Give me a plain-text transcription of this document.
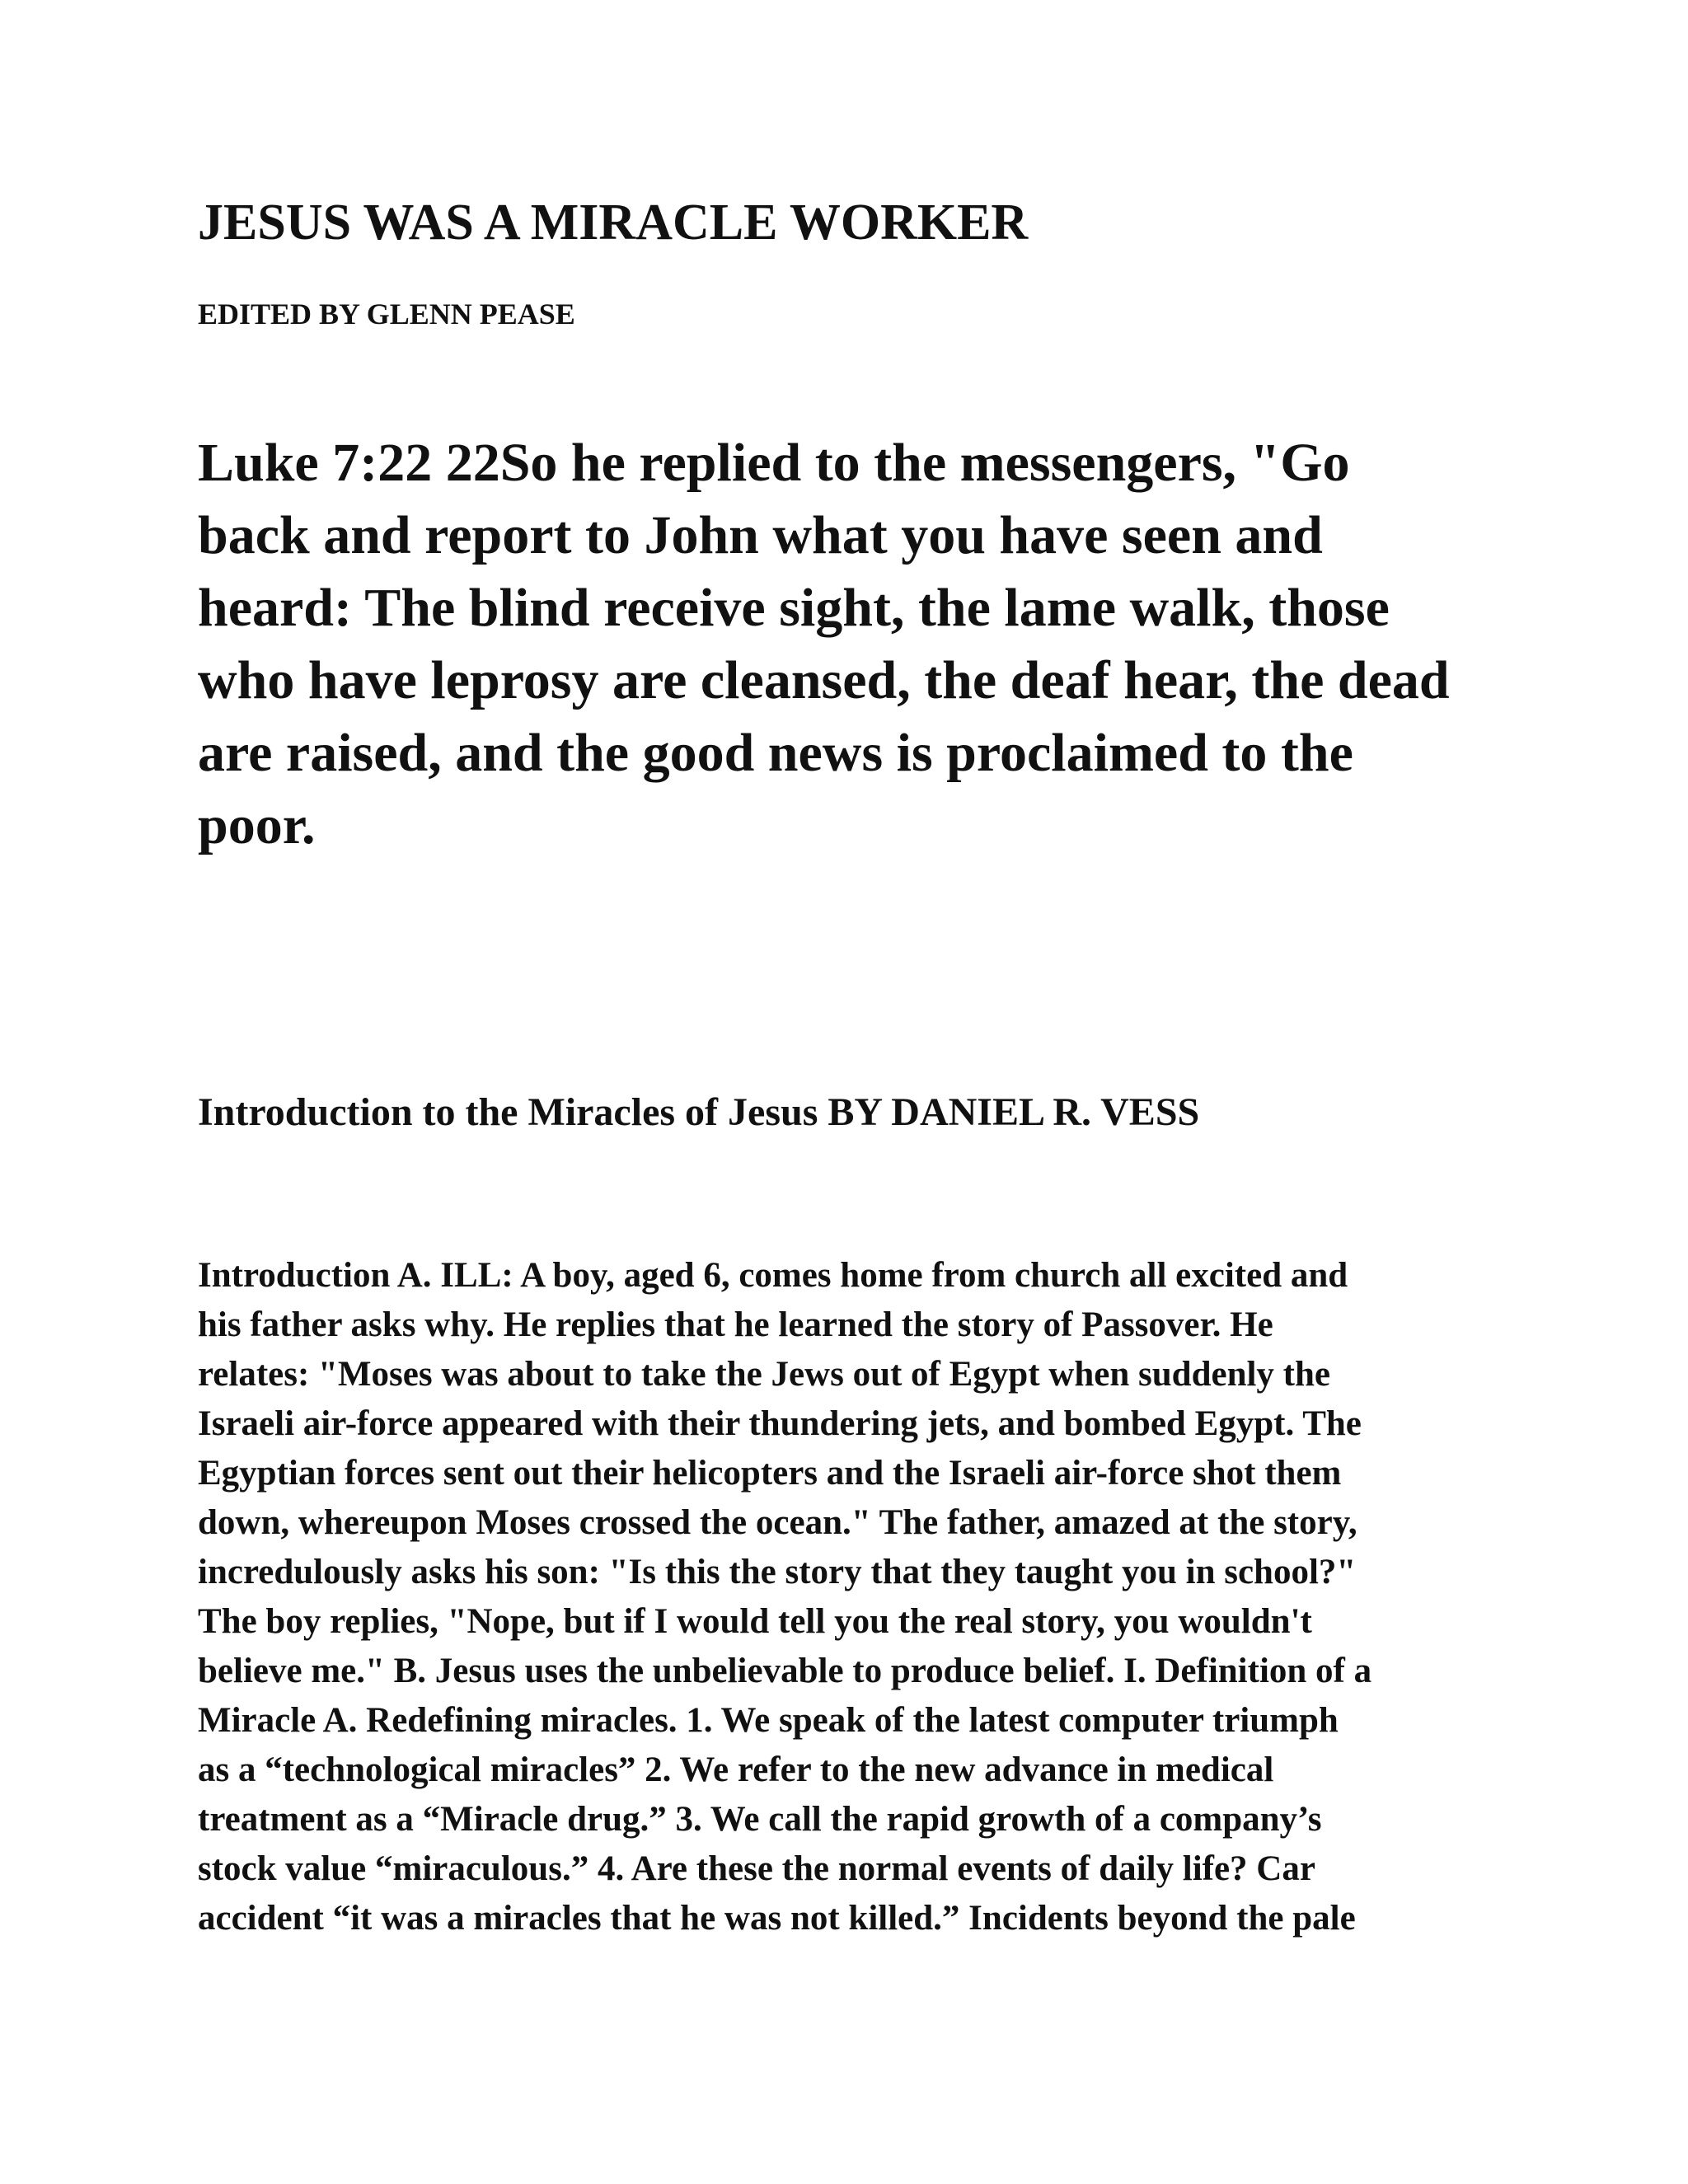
JESUS WAS A MIRACLE WORKER

EDITED BY GLENN PEASE

Luke 7:22 22So he replied to the messengers, "Go
back and report to John what you have seen and
heard: The blind receive sight, the lame walk, those
who have leprosy are cleansed, the deaf hear, the dead
are raised, and the good news is proclaimed to the
poor.
Introduction to the Miracles of Jesus BY DANIEL R. VESS
Introduction A. ILL: A boy, aged 6, comes home from church all excited and
his father asks why. He replies that he learned the story of Passover. He
relates: "Moses was about to take the Jews out of Egypt when suddenly the
Israeli air-force appeared with their thundering jets, and bombed Egypt. The
Egyptian forces sent out their helicopters and the Israeli air-force shot them
down, whereupon Moses crossed the ocean." The father, amazed at the story,
incredulously asks his son: "Is this the story that they taught you in school?"
The boy replies, "Nope, but if I would tell you the real story, you wouldn't
believe me." B. Jesus uses the unbelievable to produce belief. I. Definition of a
Miracle A. Redefining miracles. 1. We speak of the latest computer triumph
as a “technological miracles” 2. We refer to the new advance in medical
treatment as a “Miracle drug.” 3. We call the rapid growth of a company’s
stock value “miraculous.” 4. Are these the normal events of daily life? Car
accident “it was a miracles that he was not killed.” Incidents beyond the pale
